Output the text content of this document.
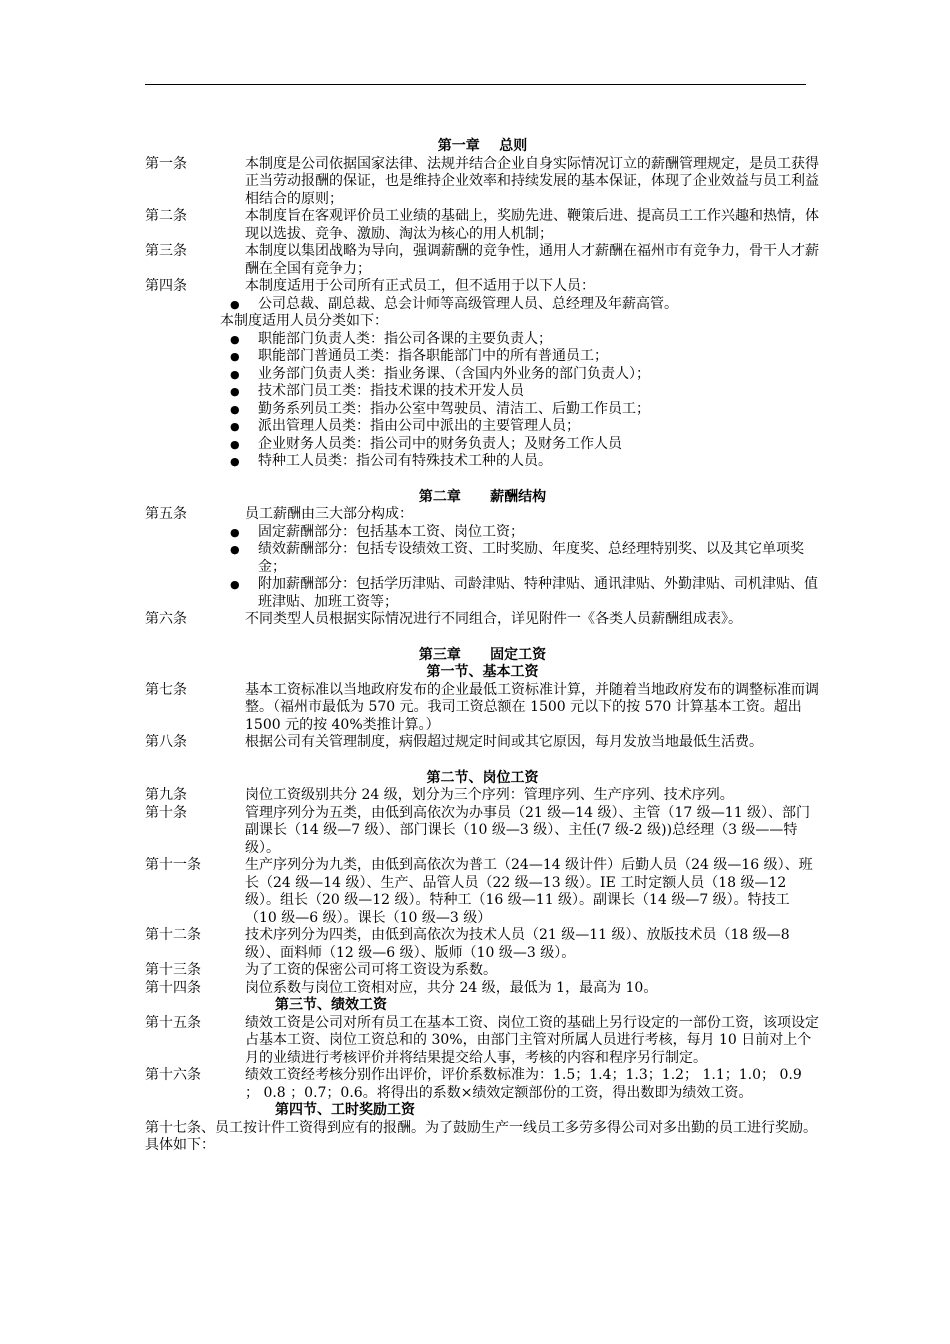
第一章    总则
第一条	本制度是公司依据国家法律、法规并结合企业自身实际情况订立的薪酬管理规定，是员工获得正当劳动报酬的保证，也是维持企业效率和持续发展的基本保证，体现了企业效益与员工利益相结合的原则；
第二条	本制度旨在客观评价员工业绩的基础上，奖励先进、鞭策后进、提高员工工作兴趣和热情，体现以选拔、竞争、激励、淘汰为核心的用人机制；
第三条	本制度以集团战略为导向，强调薪酬的竞争性，通用人才薪酬在福州市有竞争力，骨干人才薪酬在全国有竞争力；
第四条	本制度适用于公司所有正式员工，但不适用于以下人员：
●	公司总裁、副总裁、总会计师等高级管理人员、总经理及年薪高管。
本制度适用人员分类如下：
●	职能部门负责人类：指公司各课的主要负责人；
●	职能部门普通员工类：指各职能部门中的所有普通员工；
●	业务部门负责人类：指业务课、（含国内外业务的部门负责人）；
●	技术部门员工类：指技术课的技术开发人员
●	勤务系列员工类：指办公室中驾驶员、清洁工、后勤工作员工；
●	派出管理人员类：指由公司中派出的主要管理人员；
●	企业财务人员类：指公司中的财务负责人；及财务工作人员
●	特种工人员类：指公司有特殊技术工种的人员。
第二章      薪酬结构
第五条	员工薪酬由三大部分构成：
●	固定薪酬部分：包括基本工资、岗位工资；
●	绩效薪酬部分：包括专设绩效工资、工时奖励、年度奖、总经理特别奖、以及其它单项奖金；
●	附加薪酬部分：包括学历津贴、司龄津贴、特种津贴、通讯津贴、外勤津贴、司机津贴、值班津贴、加班工资等；
第六条	不同类型人员根据实际情况进行不同组合，详见附件一《各类人员薪酬组成表》。
第三章      固定工资
第一节、基本工资
第七条	基本工资标准以当地政府发布的企业最低工资标准计算，并随着当地政府发布的调整标准而调整。（福州市最低为 570 元。我司工资总额在 1500 元以下的按 570 计算基本工资。超出 1500 元的按 40%类推计算。）
第八条	根据公司有关管理制度，病假超过规定时间或其它原因，每月发放当地最低生活费。
第二节、岗位工资
第九条	岗位工资级别共分 24 级，划分为三个序列：管理序列、生产序列、技术序列。
第十条	管理序列分为五类，由低到高依次为办事员（21 级—14 级）、主管（17 级—11 级）、部门副课长（14 级—7 级）、部门课长（10 级—3 级）、主任(7 级-2 级))总经理（3 级——特级）。
第十一条	生产序列分为九类，由低到高依次为普工（24—14 级计件）后勤人员（24 级—16 级）、班长（24 级—14 级）、生产、品管人员（22 级—13 级）。IE 工时定额人员（18 级—12 级）。组长（20 级—12 级）。特种工（16 级—11 级）。副课长（14 级—7 级）。特技工（10 级—6 级）。课长（10 级—3 级）
第十二条	技术序列分为四类，由低到高依次为技术人员（21 级—11 级）、放版技术员（18 级—8 级）、面料师（12 级—6 级）、版师（10 级—3 级）。
第十三条	为了工资的保密公司可将工资设为系数。
第十四条	岗位系数与岗位工资相对应，共分 24 级，最低为 1，最高为 10。
第三节、绩效工资
第十五条	绩效工资是公司对所有员工在基本工资、岗位工资的基础上另行设定的一部份工资，该项设定占基本工资、岗位工资总和的 30%，由部门主管对所属人员进行考核，每月 10 日前对上个月的业绩进行考核评价并将结果提交给人事，考核的内容和程序另行制定。
第十六条	绩效工资经考核分别作出评价，评价系数标准为：1.5；1.4；1.3；1.2； 1.1；1.0； 0.9 ； 0.8 ；0.7；0.6。将得出的系数×绩效定额部份的工资，得出数即为绩效工资。
第四节、工时奖励工资
第十七条、员工按计件工资得到应有的报酬。为了鼓励生产一线员工多劳多得公司对多出勤的员工进行奖励。具体如下：
